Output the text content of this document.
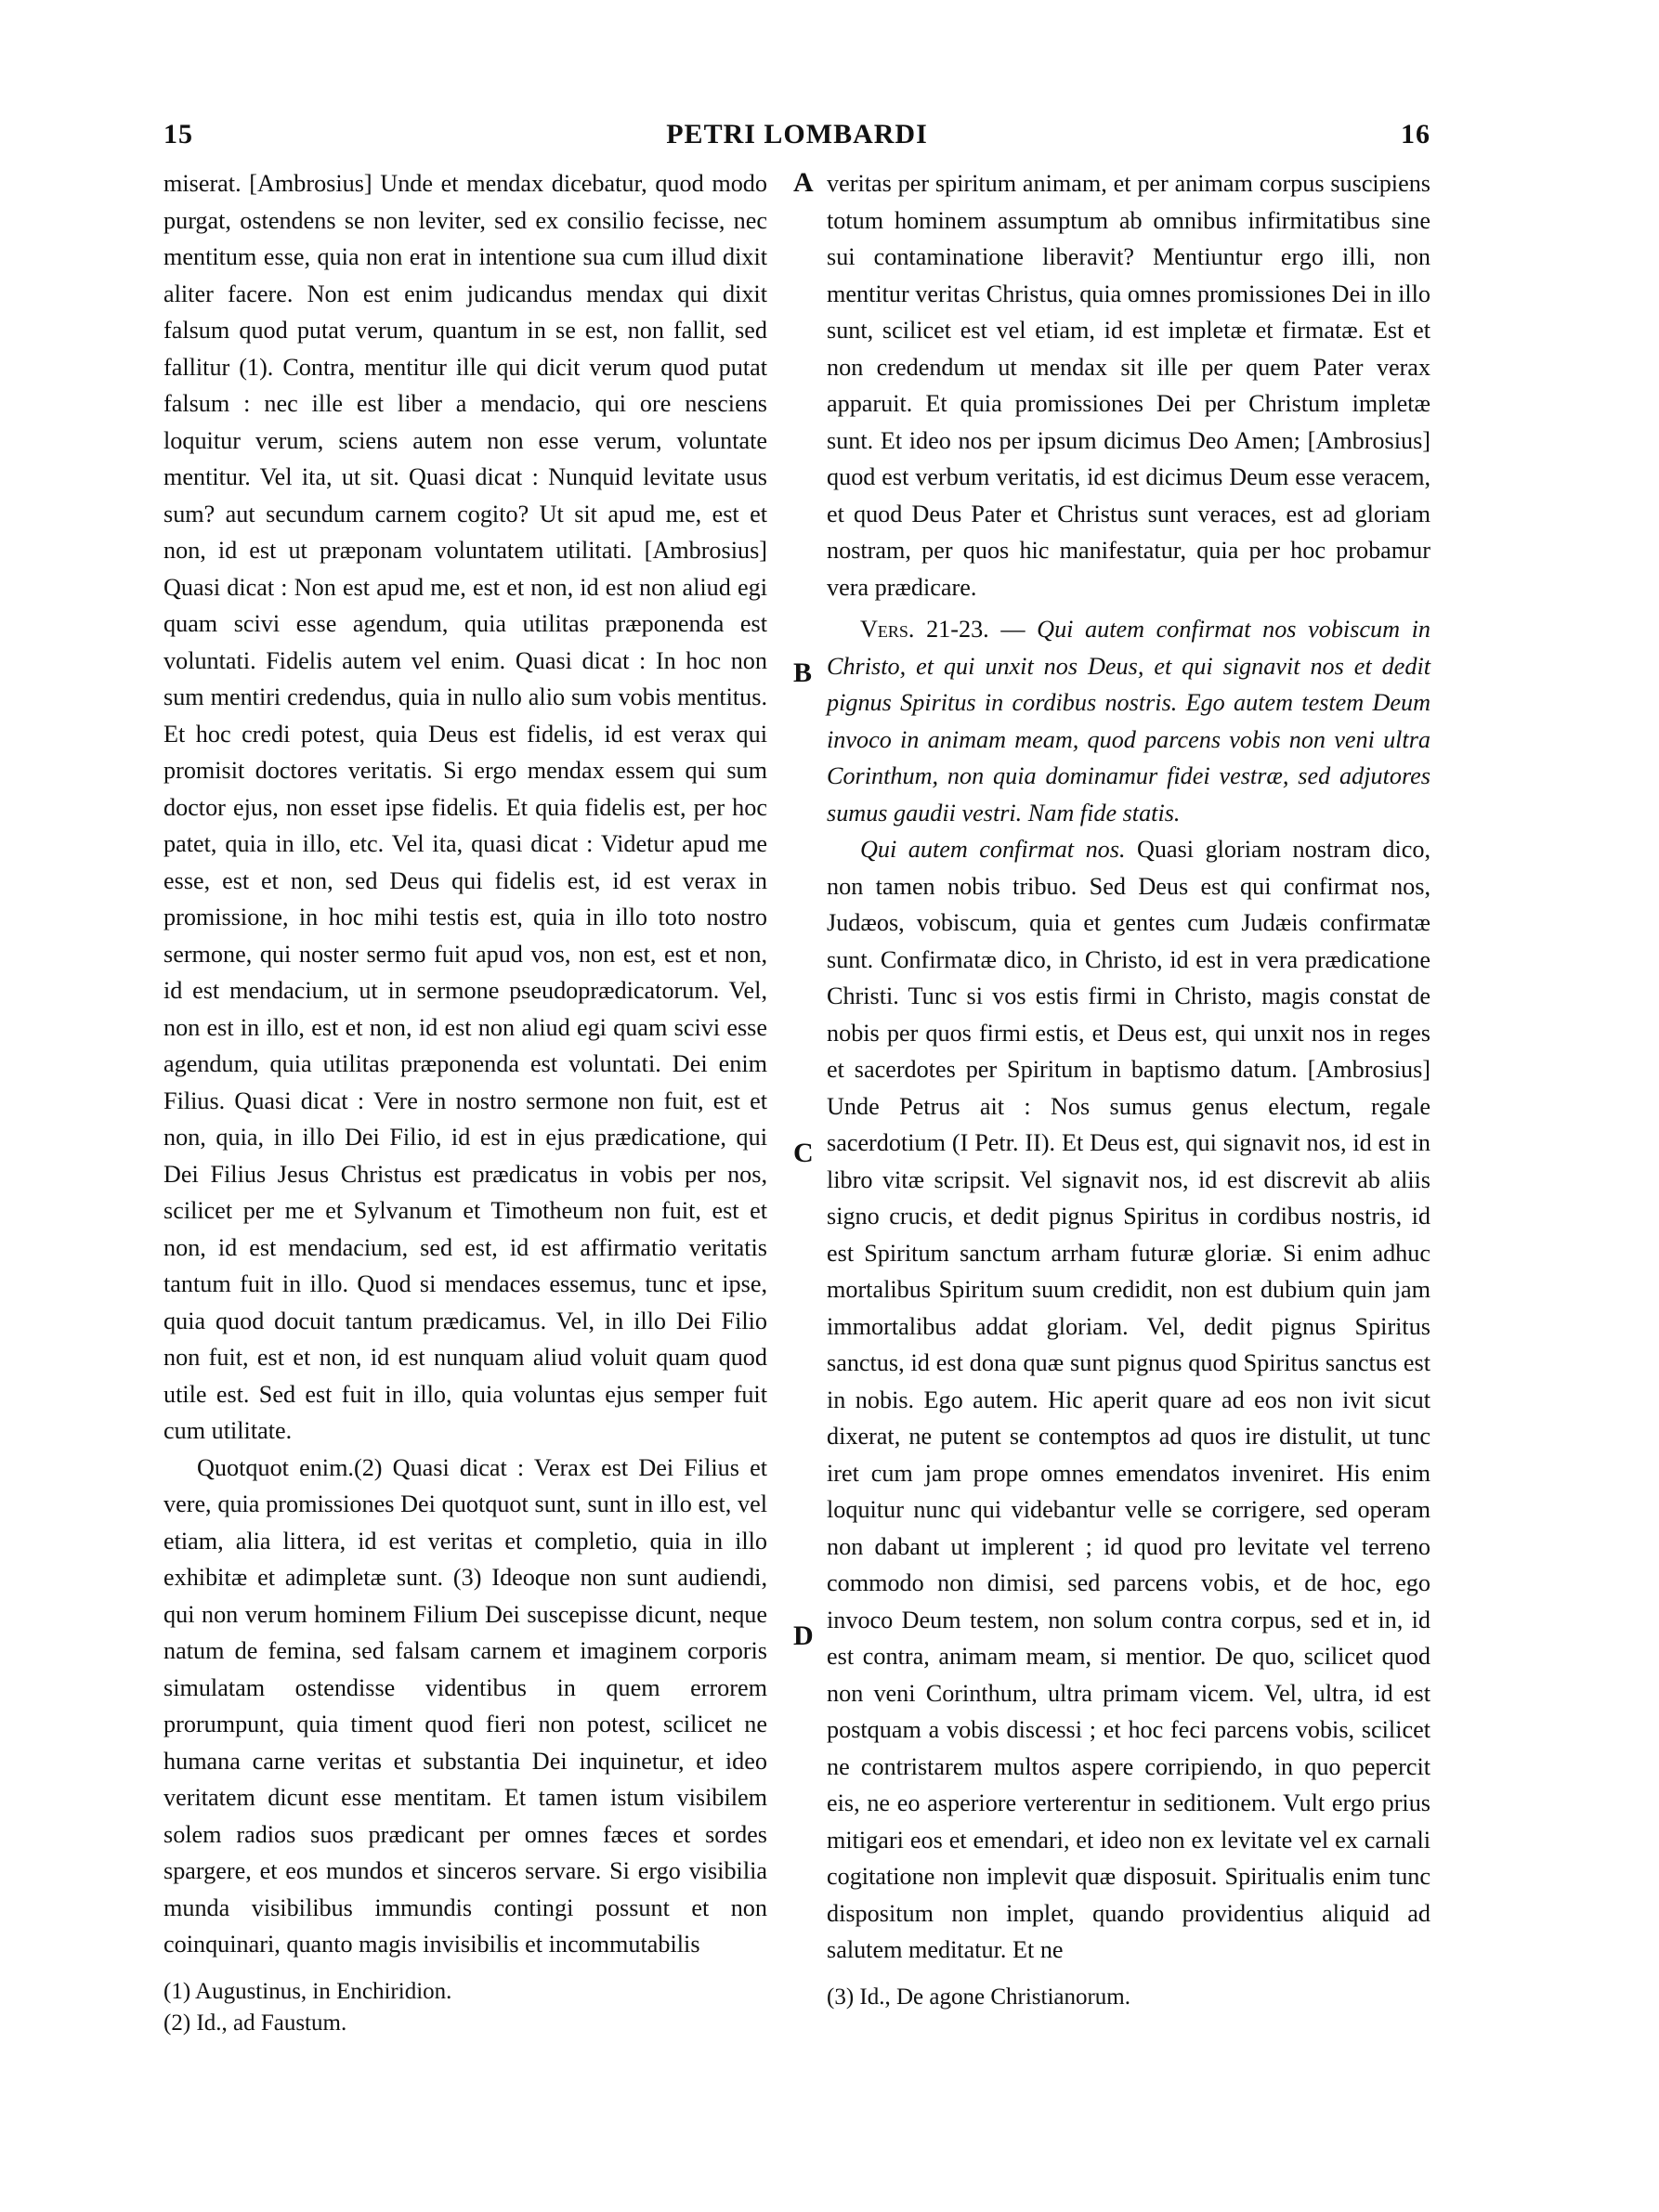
15	PETRI LOMBARDI	16

miserat. [Ambrosius] Unde et mendax dicebatur, quod modo purgat, ostendens se non leviter, sed ex consilio fecisse, nec mentitum esse, quia non erat in intentione sua cum illud dixit aliter facere. Non est enim judicandus mendax qui dixit falsum quod putat verum, quantum in se est, non fallit, sed fallitur (1). Contra, mentitur ille qui dicit verum quod putat falsum : nec ille est liber a mendacio, qui ore nesciens loquitur verum, sciens autem non esse verum, voluntate mentitur. Vel ita, ut sit. Quasi dicat : Nunquid levitate usus sum? aut secundum carnem cogito? Ut sit apud me, est et non, id est ut præponam voluntatem utilitati. [Ambrosius] Quasi dicat : Non est apud me, est et non, id est non aliud egi quam scivi esse agendum, quia utilitas præponenda est voluntati. Fidelis autem vel enim. Quasi dicat : In hoc non sum mentiri credendus, quia in nullo alio sum vobis mentitus. Et hoc credi potest, quia Deus est fidelis, id est verax qui promisit doctores veritatis. Si ergo mendax essem qui sum doctor ejus, non esset ipse fidelis. Et quia fidelis est, per hoc patet, quia in illo, etc. Vel ita, quasi dicat : Videtur apud me esse, est et non, sed Deus qui fidelis est, id est verax in promissione, in hoc mihi testis est, quia in illo toto nostro sermone, qui noster sermo fuit apud vos, non est, est et non, id est mendacium, ut in sermone pseudoprædicatorum. Vel, non est in illo, est et non, id est non aliud egi quam scivi esse agendum, quia utilitas præponenda est voluntati. Dei enim Filius. Quasi dicat : Vere in nostro sermone non fuit, est et non, quia, in illo Dei Filio, id est in ejus prædicatione, qui Dei Filius Jesus Christus est prædicatus in vobis per nos, scilicet per me et Sylvanum et Timotheum non fuit, est et non, id est mendacium, sed est, id est affirmatio veritatis tantum fuit in illo. Quod si mendaces essemus, tunc et ipse, quia quod docuit tantum prædicamus. Vel, in illo Dei Filio non fuit, est et non, id est nunquam aliud voluit quam quod utile est. Sed est fuit in illo, quia voluntas ejus semper fuit cum utilitate.

Quotquot enim.(2) Quasi dicat : Verax est Dei Filius et vere, quia promissiones Dei quotquot sunt, sunt in illo est, vel etiam, alia littera, id est veritas et completio, quia in illo exhibitæ et adimpletæ sunt. (3) Ideoque non sunt audiendi, qui non verum hominem Filium Dei suscepisse dicunt, neque natum de femina, sed falsam carnem et imaginem corporis simulatam ostendisse videntibus in quem errorem prorumpunt, quia timent quod fieri non potest, scilicet ne humana carne veritas et substantia Dei inquinetur, et ideo veritatem dicunt esse mentitam. Et tamen istum visibilem solem radios suos prædicant per omnes fæces et sordes spargere, et eos mundos et sinceros servare. Si ergo visibilia munda visibilibus immundis contingi possunt et non coinquinari, quanto magis invisibilis et incommutabilis

(1) Augustinus, in Enchiridion.
(2) Id., ad Faustum.

veritas per spiritum animam, et per animam corpus suscipiens totum hominem assumptum ab omnibus infirmitatibus sine sui contaminatione liberavit? Mentiuntur ergo illi, non mentitur veritas Christus, quia omnes promissiones Dei in illo sunt, scilicet est vel etiam, id est impletæ et firmatæ. Est et non credendum ut mendax sit ille per quem Pater verax apparuit. Et quia promissiones Dei per Christum impletæ sunt. Et ideo nos per ipsum dicimus Deo Amen; [Ambrosius] quod est verbum veritatis, id est dicimus Deum esse veracem, et quod Deus Pater et Christus sunt veraces, est ad gloriam nostram, per quos hic manifestatur, quia per hoc probamur vera prædicare.

Vers. 21-23. — Qui autem confirmat nos vobiscum in Christo, et qui unxit nos Deus, et qui signavit nos et dedit pignus Spiritus in cordibus nostris. Ego autem testem Deum invoco in animam meam, quod parcens vobis non veni ultra Corinthum, non quia dominamur fidei vestræ, sed adjutores sumus gaudii vestri. Nam fide statis.

Qui autem confirmat nos. Quasi gloriam nostram dico, non tamen nobis tribuo. Sed Deus est qui confirmat nos, Judæos, vobiscum, quia et gentes cum Judæis confirmatæ sunt. Confirmatæ dico, in Christo, id est in vera prædicatione Christi. Tunc si vos estis firmi in Christo, magis constat de nobis per quos firmi estis, et Deus est, qui unxit nos in reges et sacerdotes per Spiritum in baptismo datum. [Ambrosius] Unde Petrus ait : Nos sumus genus electum, regale sacerdotium (I Petr. II). Et Deus est, qui signavit nos, id est in libro vitæ scripsit. Vel signavit nos, id est discrevit ab aliis signo crucis, et dedit pignus Spiritus in cordibus nostris, id est Spiritum sanctum arrham futuræ gloriæ. Si enim adhuc mortalibus Spiritum suum credidit, non est dubium quin jam immortalibus addat gloriam. Vel, dedit pignus Spiritus sanctus, id est dona quæ sunt pignus quod Spiritus sanctus est in nobis. Ego autem. Hic aperit quare ad eos non ivit sicut dixerat, ne putent se contemptos ad quos ire distulit, ut tunc iret cum jam prope omnes emendatos inveniret. His enim loquitur nunc qui videbantur velle se corrigere, sed operam non dabant ut implerent ; id quod pro levitate vel terreno commodo non dimisi, sed parcens vobis, et de hoc, ego invoco Deum testem, non solum contra corpus, sed et in, id est contra, animam meam, si mentior. De quo, scilicet quod non veni Corinthum, ultra primam vicem. Vel, ultra, id est postquam a vobis discessi ; et hoc feci parcens vobis, scilicet ne contristarem multos aspere corripiendo, in quo pepercit eis, ne eo asperiore verterentur in seditionem. Vult ergo prius mitigari eos et emendari, et ideo non ex levitate vel ex carnali cogitatione non implevit quæ disposuit. Spiritualis enim tunc dispositum non implet, quando providentius aliquid ad salutem meditatur. Et ne

(3) Id., De agone Christianorum.
A
B
C
D
